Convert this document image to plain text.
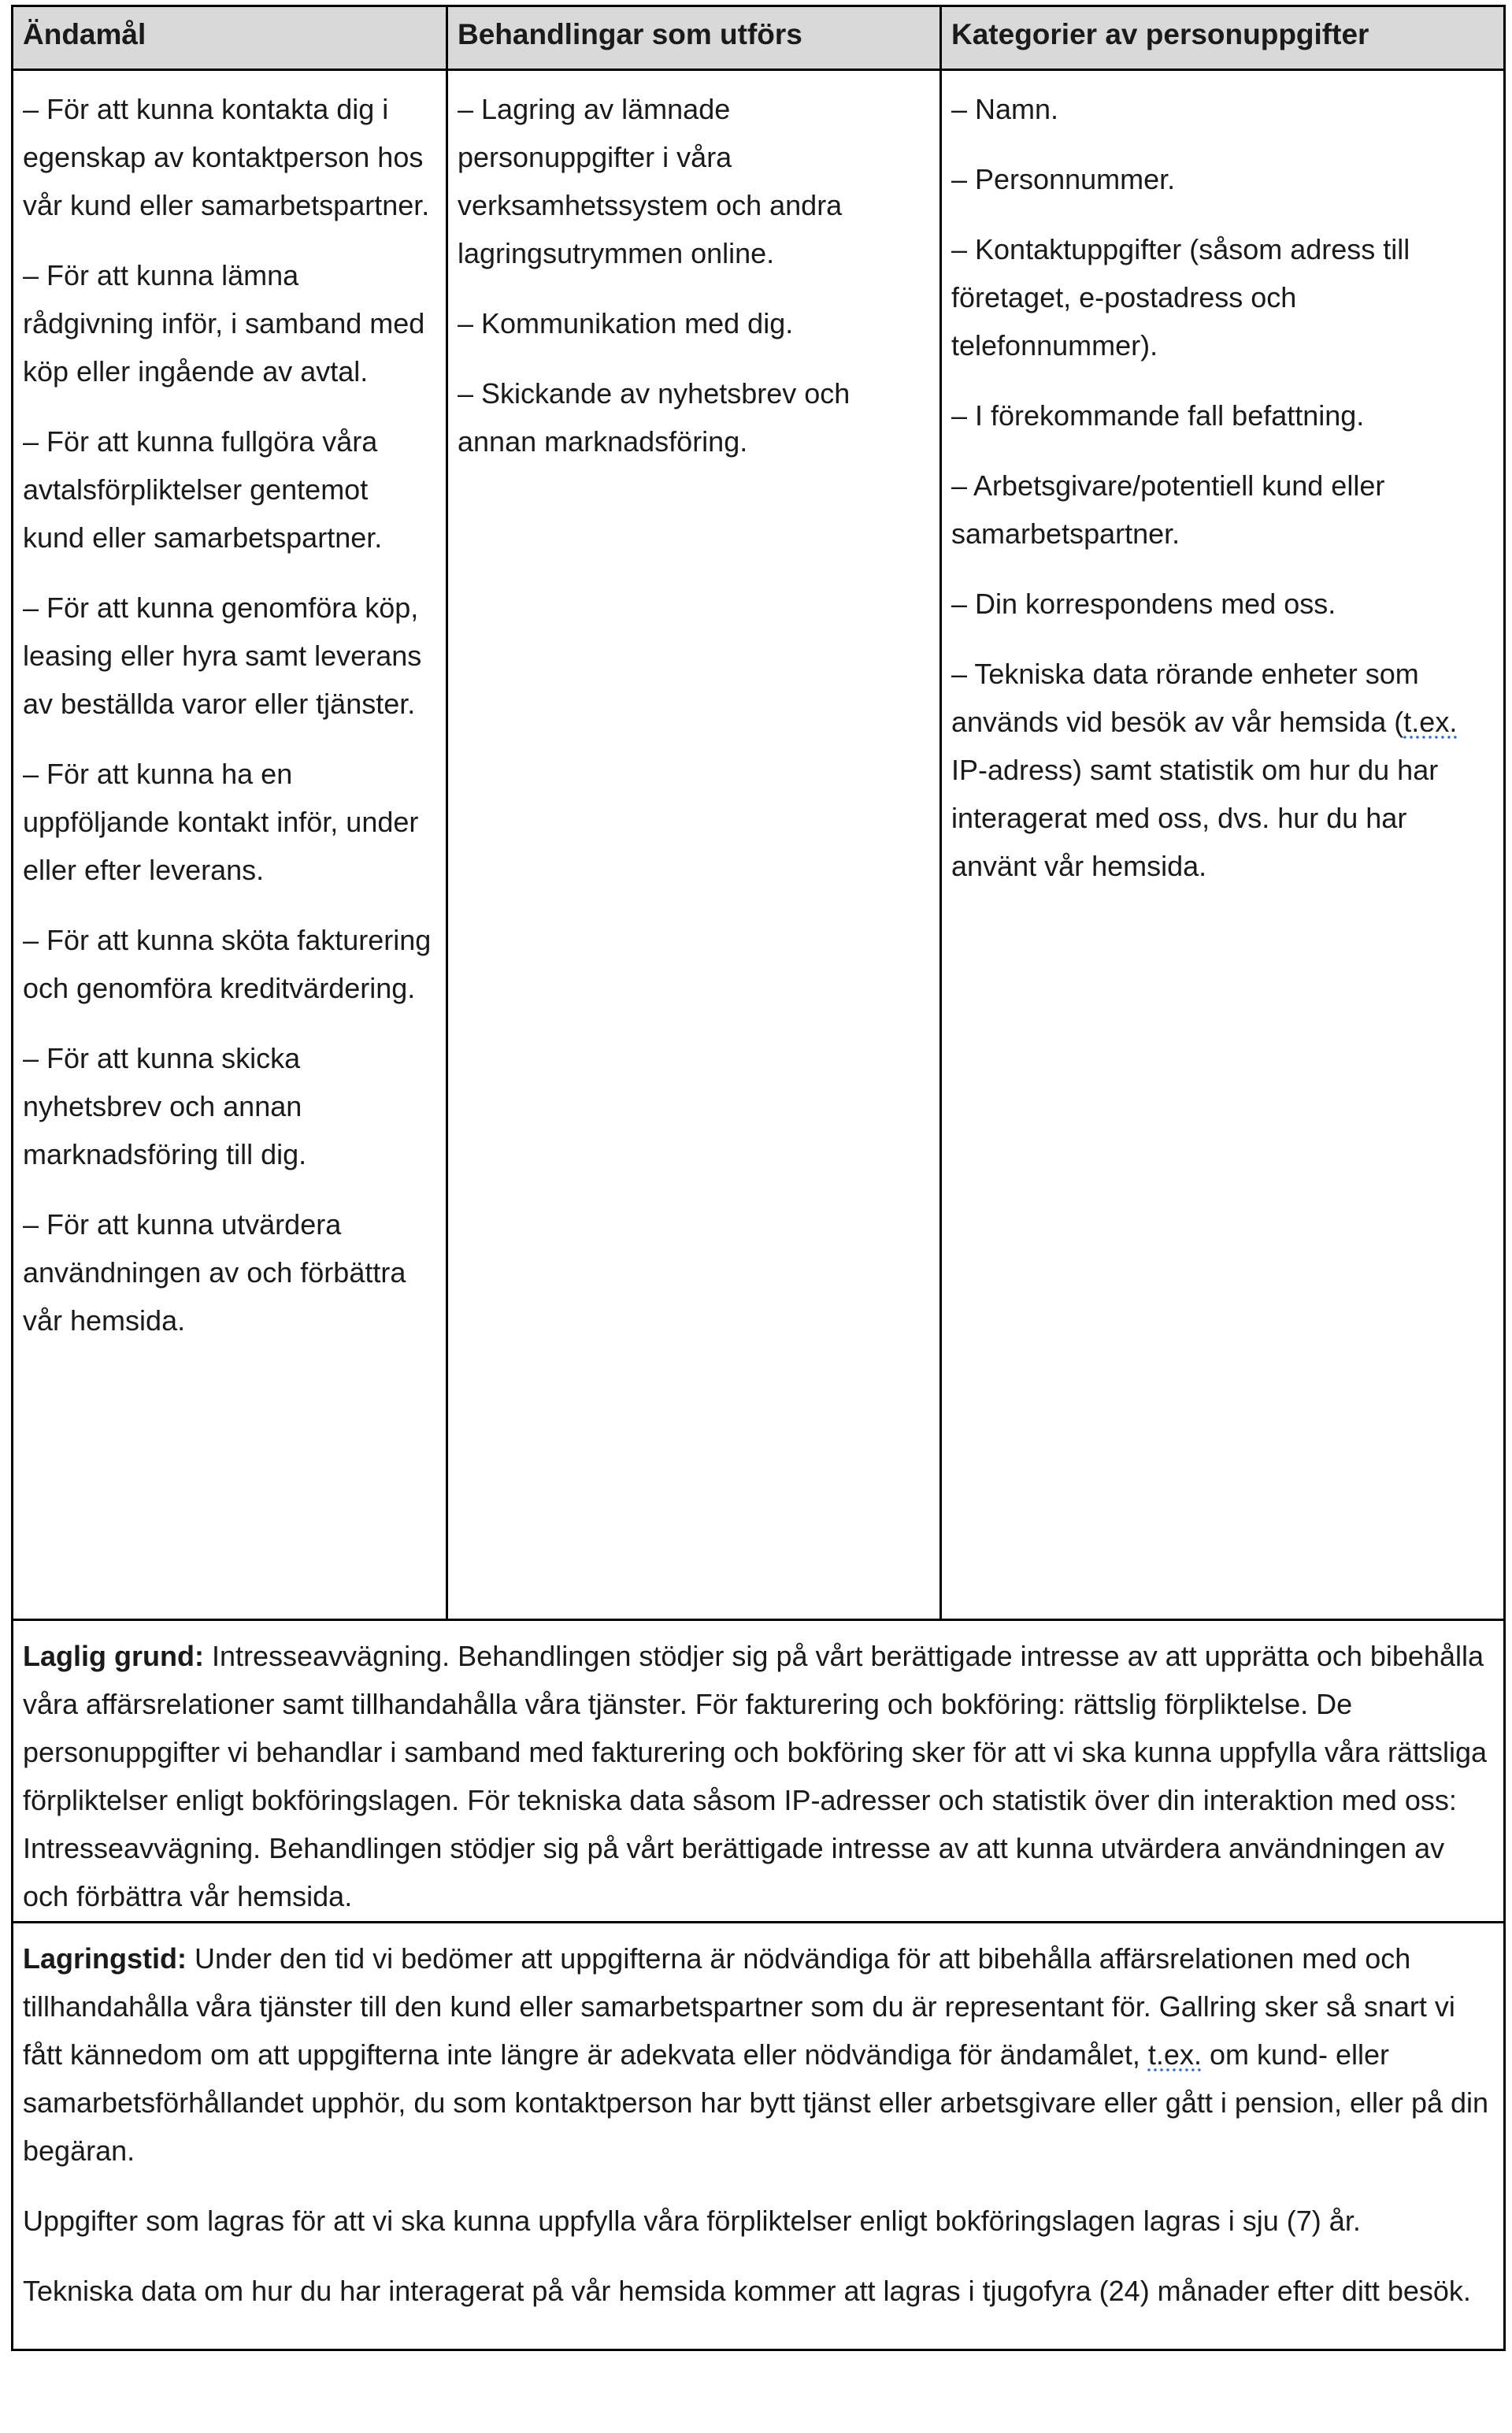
Ändamål	Behandlingar som utförs	Kategorier av personuppgifter

– För att kunna kontakta dig i egenskap av kontaktperson hos vår kund eller samarbetspartner.

– För att kunna lämna rådgivning inför, i samband med köp eller ingående av avtal.

– För att kunna fullgöra våra avtalsförpliktelser gentemot kund eller samarbetspartner.

– För att kunna genomföra köp, leasing eller hyra samt leverans av beställda varor eller tjänster.

– För att kunna ha en uppföljande kontakt inför, under eller efter leverans.

– För att kunna sköta fakturering och genomföra kreditvärdering.

– För att kunna skicka nyhetsbrev och annan marknadsföring till dig.

– För att kunna utvärdera användningen av och förbättra vår hemsida.

– Lagring av lämnade personuppgifter i våra verksamhetssystem och andra lagringsutrymmen online.

– Kommunikation med dig.

– Skickande av nyhetsbrev och annan marknadsföring.

– Namn.

– Personnummer.

– Kontaktuppgifter (såsom adress till företaget, e-postadress och telefonnummer).

– I förekommande fall befattning.

– Arbetsgivare/potentiell kund eller samarbetspartner.

– Din korrespondens med oss.

– Tekniska data rörande enheter som används vid besök av vår hemsida (t.ex. IP-adress) samt statistik om hur du har interagerat med oss, dvs. hur du har använt vår hemsida.

Laglig grund: Intresseavvägning. Behandlingen stödjer sig på vårt berättigade intresse av att upprätta och bibehålla våra affärsrelationer samt tillhandahålla våra tjänster. För fakturering och bokföring: rättslig förpliktelse. De personuppgifter vi behandlar i samband med fakturering och bokföring sker för att vi ska kunna uppfylla våra rättsliga förpliktelser enligt bokföringslagen. För tekniska data såsom IP-adresser och statistik över din interaktion med oss: Intresseavvägning. Behandlingen stödjer sig på vårt berättigade intresse av att kunna utvärdera användningen av och förbättra vår hemsida.

Lagringstid: Under den tid vi bedömer att uppgifterna är nödvändiga för att bibehålla affärsrelationen med och tillhandahålla våra tjänster till den kund eller samarbetspartner som du är representant för. Gallring sker så snart vi fått kännedom om att uppgifterna inte längre är adekvata eller nödvändiga för ändamålet, t.ex. om kund- eller samarbetsförhållandet upphör, du som kontaktperson har bytt tjänst eller arbetsgivare eller gått i pension, eller på din begäran.

Uppgifter som lagras för att vi ska kunna uppfylla våra förpliktelser enligt bokföringslagen lagras i sju (7) år.

Tekniska data om hur du har interagerat på vår hemsida kommer att lagras i tjugofyra (24) månader efter ditt besök.
